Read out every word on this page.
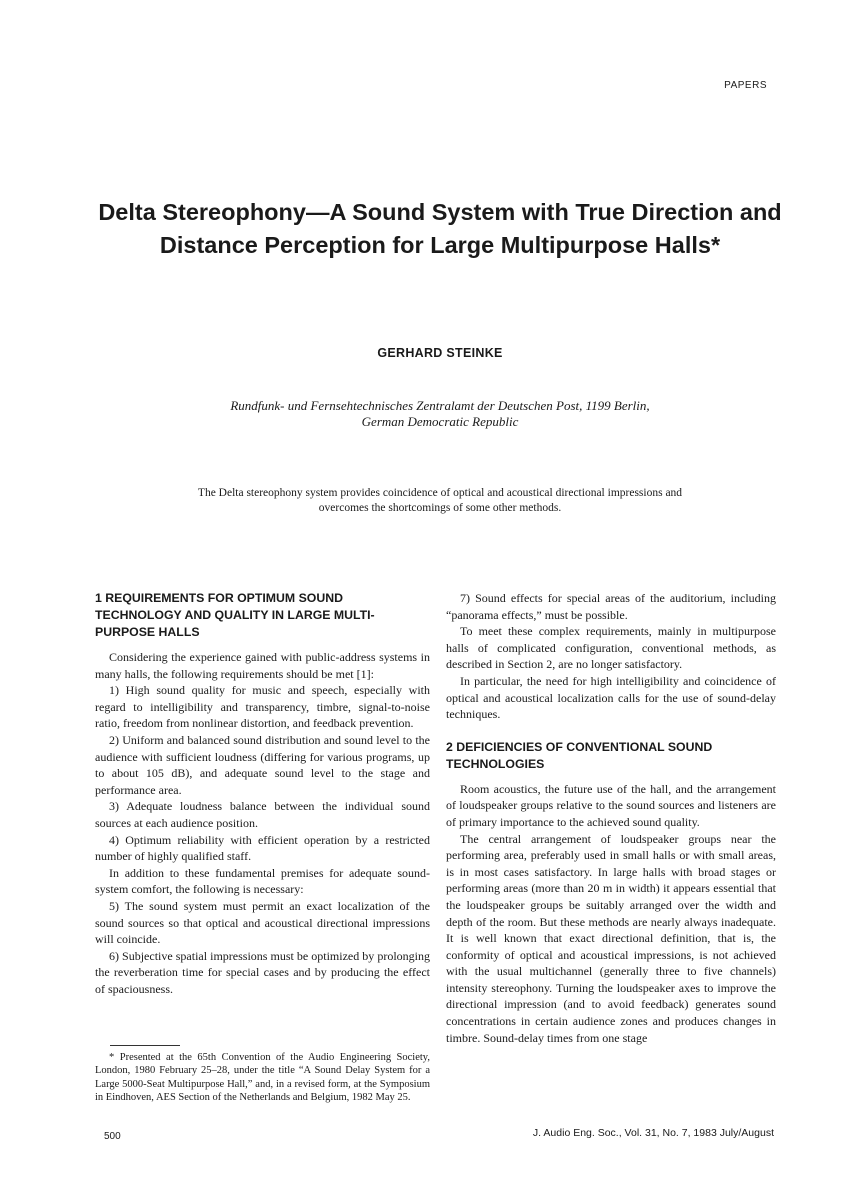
PAPERS
Delta Stereophony—A Sound System with True Direction and Distance Perception for Large Multipurpose Halls*
GERHARD STEINKE
Rundfunk- und Fernsehtechnisches Zentralamt der Deutschen Post, 1199 Berlin,
German Democratic Republic
The Delta stereophony system provides coincidence of optical and acoustical directional impressions and overcomes the shortcomings of some other methods.
1 REQUIREMENTS FOR OPTIMUM SOUND TECHNOLOGY AND QUALITY IN LARGE MULTI-PURPOSE HALLS

Considering the experience gained with public-address systems in many halls, the following requirements should be met [1]:

1) High sound quality for music and speech, especially with regard to intelligibility and transparency, timbre, signal-to-noise ratio, freedom from nonlinear distortion, and feedback prevention.

2) Uniform and balanced sound distribution and sound level to the audience with sufficient loudness (differing for various programs, up to about 105 dB), and adequate sound level to the stage and performance area.

3) Adequate loudness balance between the individual sound sources at each audience position.

4) Optimum reliability with efficient operation by a restricted number of highly qualified staff.

In addition to these fundamental premises for adequate sound-system comfort, the following is necessary:

5) The sound system must permit an exact localization of the sound sources so that optical and acoustical directional impressions will coincide.

6) Subjective spatial impressions must be optimized by prolonging the reverberation time for special cases and by producing the effect of spaciousness.

* Presented at the 65th Convention of the Audio Engineering Society, London, 1980 February 25–28, under the title “A Sound Delay System for a Large 5000-Seat Multipurpose Hall,” and, in a revised form, at the Symposium in Eindhoven, AES Section of the Netherlands and Belgium, 1982 May 25.

7) Sound effects for special areas of the auditorium, including “panorama effects,” must be possible.

To meet these complex requirements, mainly in multipurpose halls of complicated configuration, conventional methods, as described in Section 2, are no longer satisfactory.

In particular, the need for high intelligibility and coincidence of optical and acoustical localization calls for the use of sound-delay techniques.

2 DEFICIENCIES OF CONVENTIONAL SOUND TECHNOLOGIES

Room acoustics, the future use of the hall, and the arrangement of loudspeaker groups relative to the sound sources and listeners are of primary importance to the achieved sound quality.

The central arrangement of loudspeaker groups near the performing area, preferably used in small halls or with small areas, is in most cases satisfactory. In large halls with broad stages or performing areas (more than 20 m in width) it appears essential that the loudspeaker groups be suitably arranged over the width and depth of the room. But these methods are nearly always inadequate. It is well known that exact directional definition, that is, the conformity of optical and acoustical impressions, is not achieved with the usual multichannel (generally three to five channels) intensity stereophony. Turning the loudspeaker axes to improve the directional impression (and to avoid feedback) generates sound concentrations in certain audience zones and produces changes in timbre. Sound-delay times from one stage

500	J. Audio Eng. Soc., Vol. 31, No. 7, 1983 July/August
